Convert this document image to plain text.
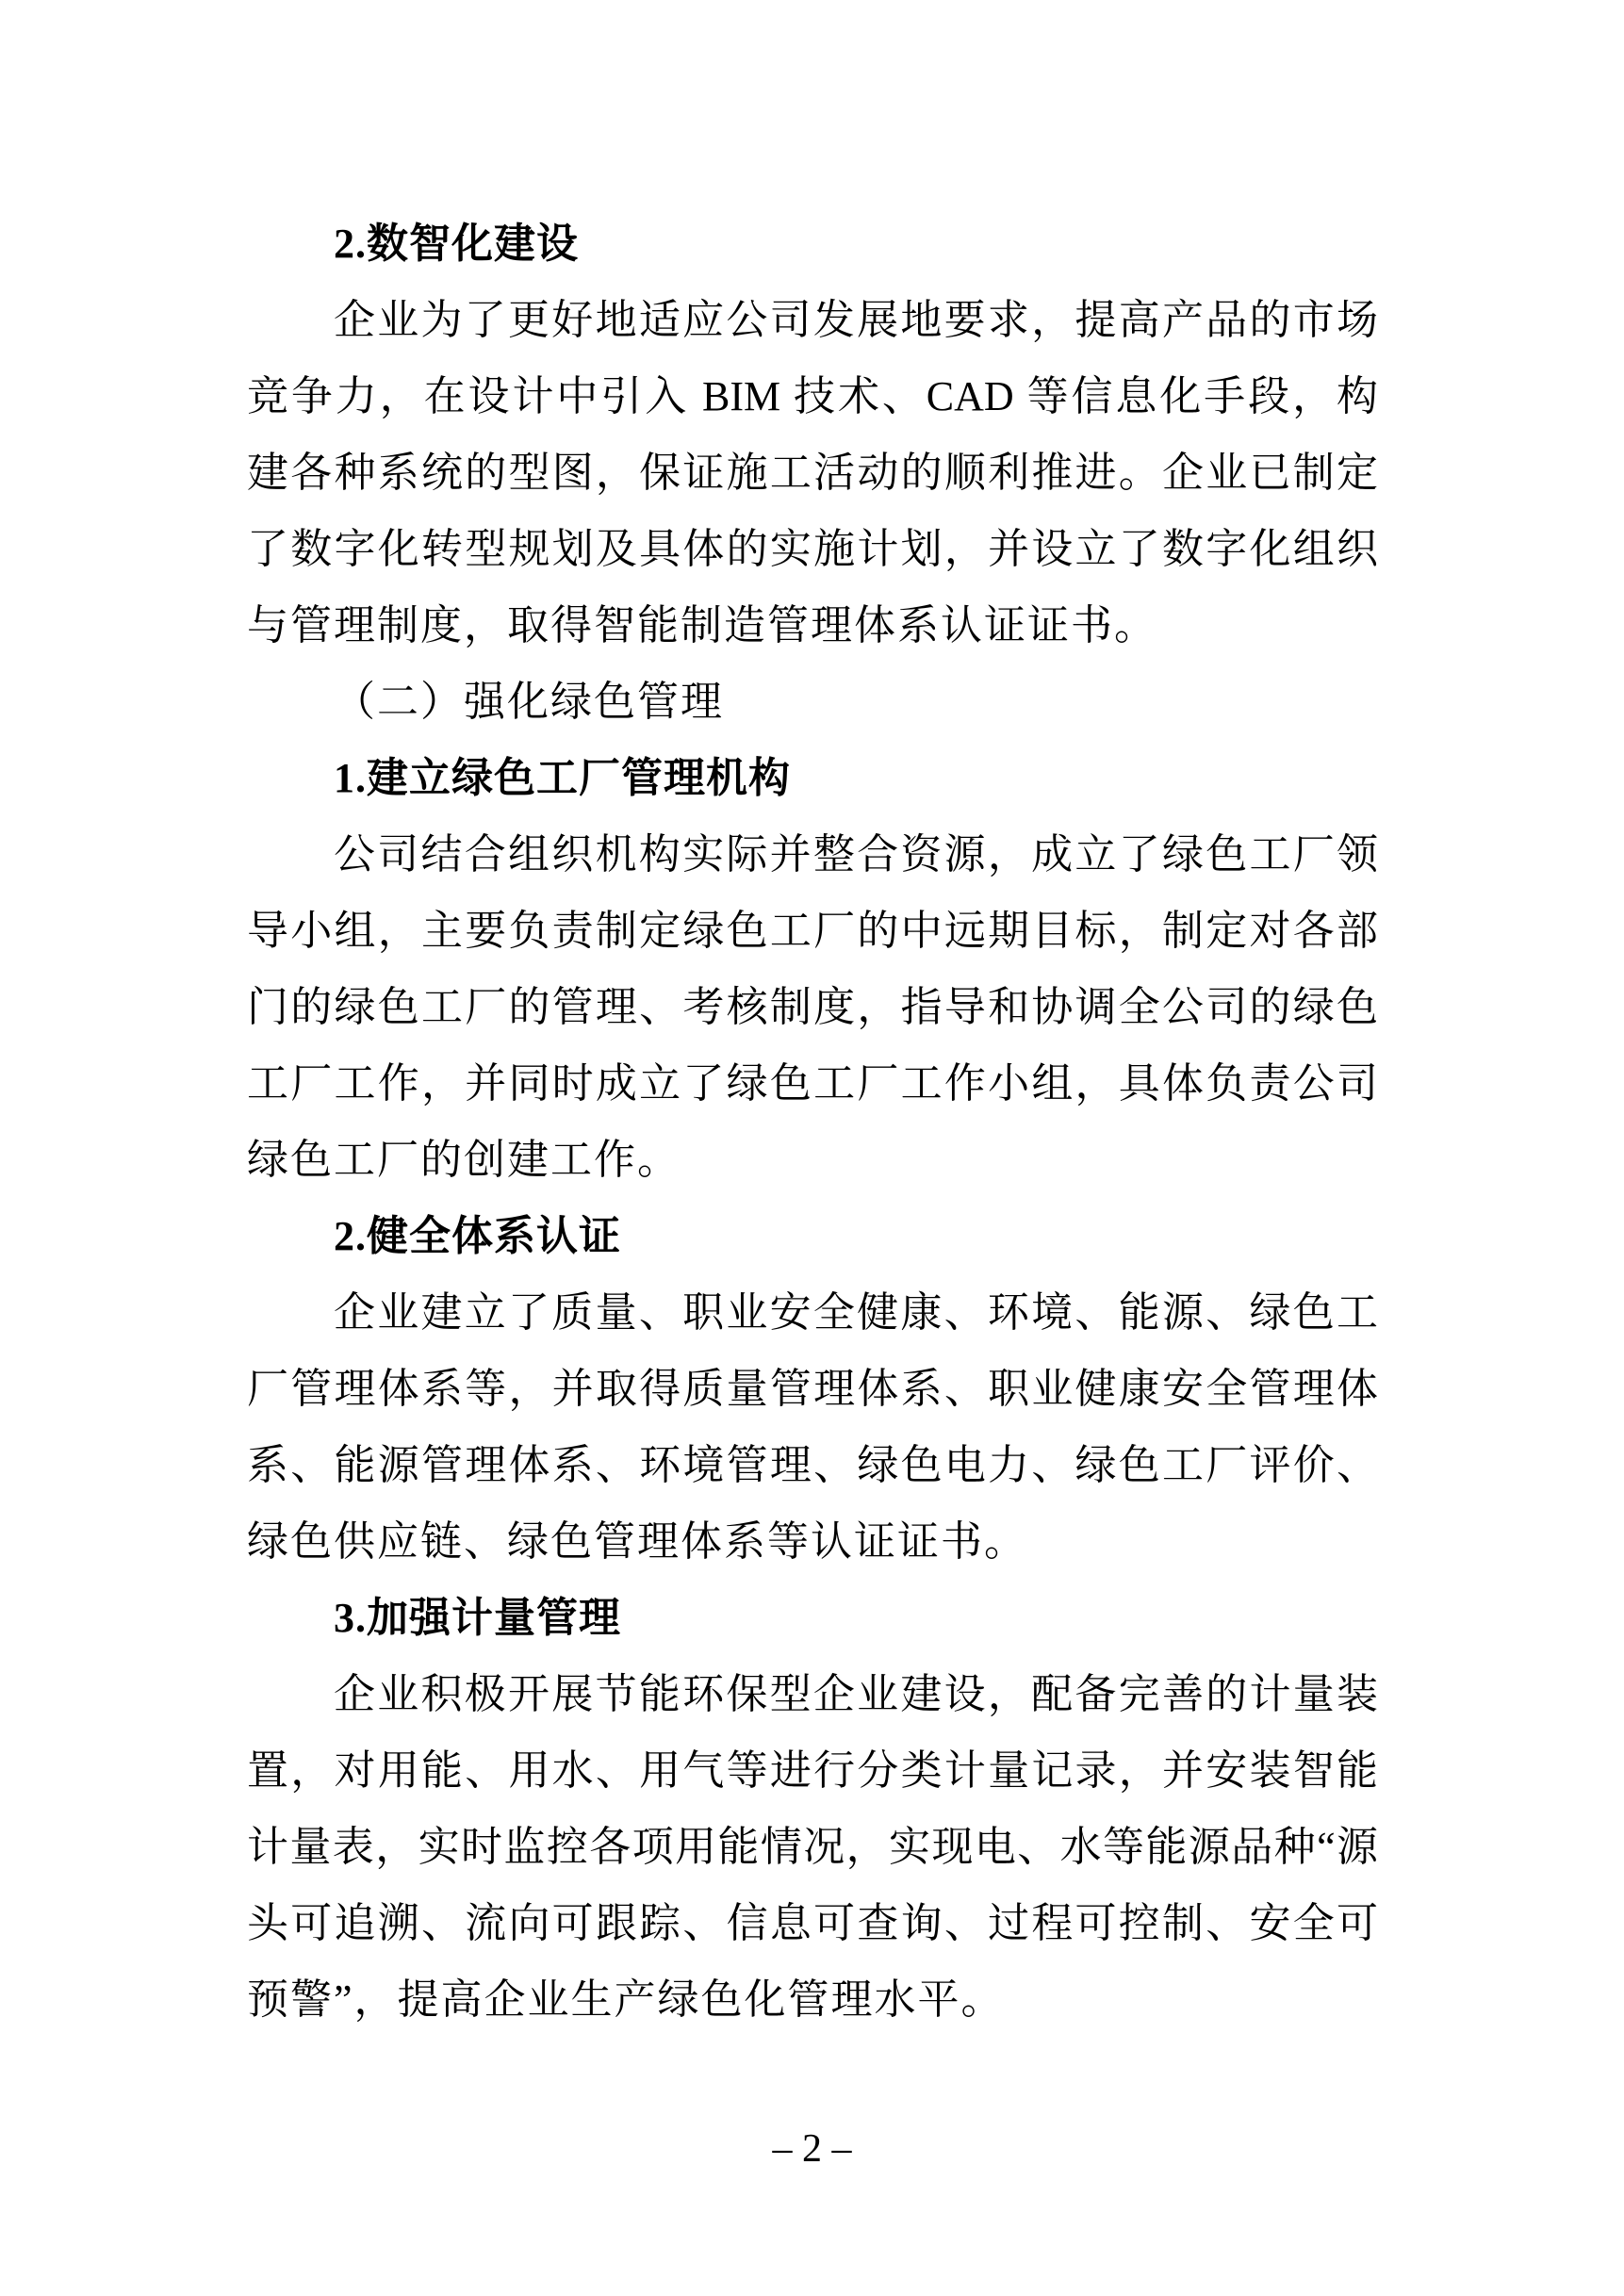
2.数智化建设
企业为了更好地适应公司发展地要求，提高产品的市场
竞争力，在设计中引入 BIM 技术、CAD 等信息化手段，构
建各种系统的型图，保证施工活动的顺利推进。企业已制定
了数字化转型规划及具体的实施计划，并设立了数字化组织
与管理制度，取得智能制造管理体系认证证书。
（二）强化绿色管理
1.建立绿色工厂管理机构
公司结合组织机构实际并整合资源，成立了绿色工厂领
导小组，主要负责制定绿色工厂的中远期目标，制定对各部
门的绿色工厂的管理、考核制度，指导和协调全公司的绿色
工厂工作，并同时成立了绿色工厂工作小组，具体负责公司
绿色工厂的创建工作。
2.健全体系认证
企业建立了质量、职业安全健康、环境、能源、绿色工
厂管理体系等，并取得质量管理体系、职业健康安全管理体
系、能源管理体系、环境管理、绿色电力、绿色工厂评价、
绿色供应链、绿色管理体系等认证证书。
3.加强计量管理
企业积极开展节能环保型企业建设，配备完善的计量装
置，对用能、用水、用气等进行分类计量记录，并安装智能
计量表，实时监控各项用能情况，实现电、水等能源品种“源
头可追溯、流向可跟踪、信息可查询、过程可控制、安全可
预警”，提高企业生产绿色化管理水平。
– 2 –
